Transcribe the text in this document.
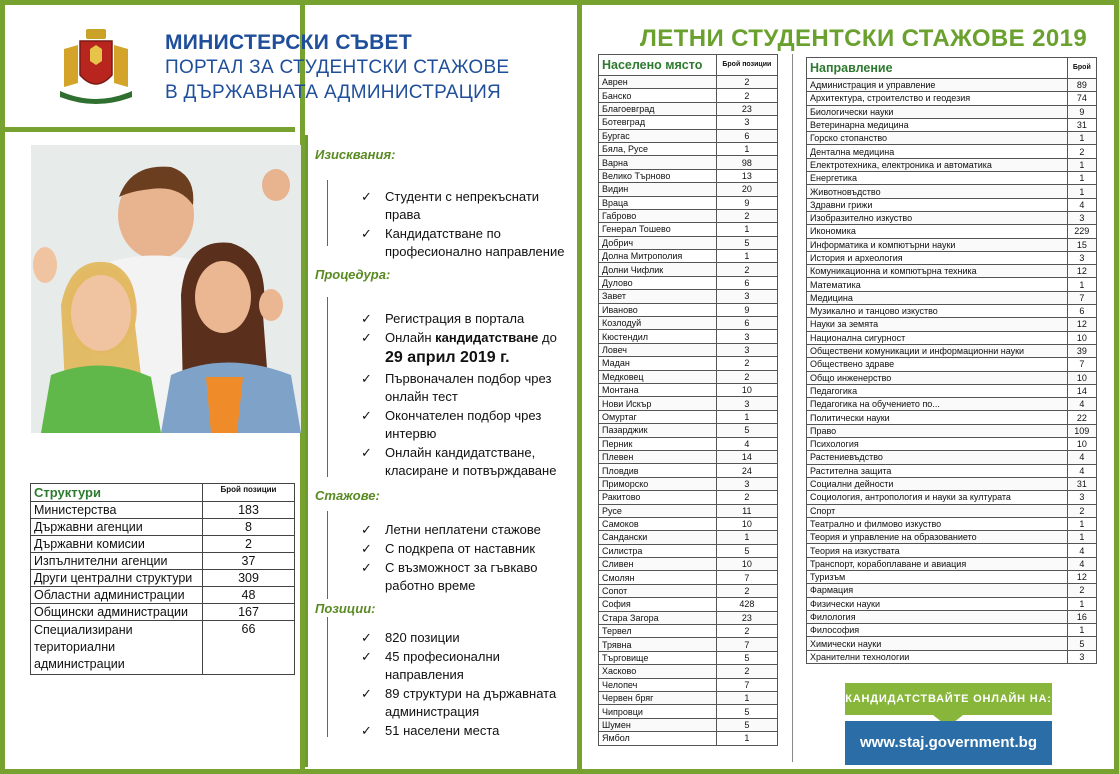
МИНИСТЕРСКИ СЪВЕТ
ПОРТАЛ ЗА СТУДЕНТСКИ СТАЖОВЕ
В ДЪРЖАВНАТА АДМИНИСТРАЦИЯ
Структури	Брой позиции
Министерства	183
Държавни агенции	8
Държавни комисии	2
Изпълнителни агенции	37
Други централни структури	309
Областни администрации	48
Общински администрации	167
Специализирани териториални администрации	66
Изисквания:
✓ Студенти с непрекъснати права
✓ Кандидатстване по професионално направление
Процедура:
✓ Регистрация в портала
✓ Онлайн кандидатстване до
29 април 2019 г.
✓ Първоначален подбор чрез онлайн тест
✓ Окончателен подбор чрез интервю
✓ Онлайн кандидатстване, класиране и потвърждаване
Стажове:
✓ Летни неплатени стажове
✓ С подкрепа от наставник
✓ С възможност за гъвкаво работно време
Позиции:
✓ 820 позиции
✓ 45 професионални направления
✓ 89 структури на държавната администрация
✓ 51 населени места
ЛЕТНИ СТУДЕНТСКИ СТАЖОВЕ 2019
Населено място	Брой позиции
Аврен	2
Банско	2
Благоевград	23
Ботевград	3
Бургас	6
Бяла, Русе	1
Варна	98
Велико Търново	13
Видин	20
Враца	9
Габрово	2
Генерал Тошево	1
Добрич	5
Долна Митрополия	1
Долни Чифлик	2
Дулово	6
Завет	3
Иваново	9
Козлодуй	6
Кюстендил	3
Ловеч	3
Мадан	2
Медковец	2
Монтана	10
Нови Искър	3
Омуртаг	1
Пазарджик	5
Перник	4
Плевен	14
Пловдив	24
Приморско	3
Ракитово	2
Русе	11
Самоков	10
Сандански	1
Силистра	5
Сливен	10
Смолян	7
Сопот	2
София	428
Стара Загора	23
Тервел	2
Трявна	7
Търговище	5
Хасково	2
Челопеч	7
Червен бряг	1
Чипровци	5
Шумен	5
Ямбол	1
Направление	Брой
Администрация и управление	89
Архитектура, строителство и геодезия	74
Биологически науки	9
Ветеринарна медицина	31
Горско стопанство	1
Дентална медицина	2
Електротехника, електроника и автоматика	1
Енергетика	1
Животновъдство	1
Здравни грижи	4
Изобразително изкуство	3
Икономика	229
Информатика и компютърни науки	15
История и археология	3
Комуникационна и компютърна техника	12
Математика	1
Медицина	7
Музикално и танцово изкуство	6
Науки за земята	12
Национална сигурност	10
Обществени комуникации и информационни науки	39
Обществено здраве	7
Общо инженерство	10
Педагогика	14
Педагогика на обучението по...	4
Политически науки	22
Право	109
Психология	10
Растениевъдство	4
Растителна защита	4
Социални дейности	31
Социология, антропология и науки за културата	3
Спорт	2
Театрално и филмово изкуство	1
Теория и управление на образованието	1
Теория на изкуствата	4
Транспорт, корабоплаване и авиация	4
Туризъм	12
Фармация	2
Физически науки	1
Филология	16
Философия	1
Химически науки	5
Хранителни технологии	3
КАНДИДАТСТВАЙТЕ ОНЛАЙН НА:
www.staj.government.bg
